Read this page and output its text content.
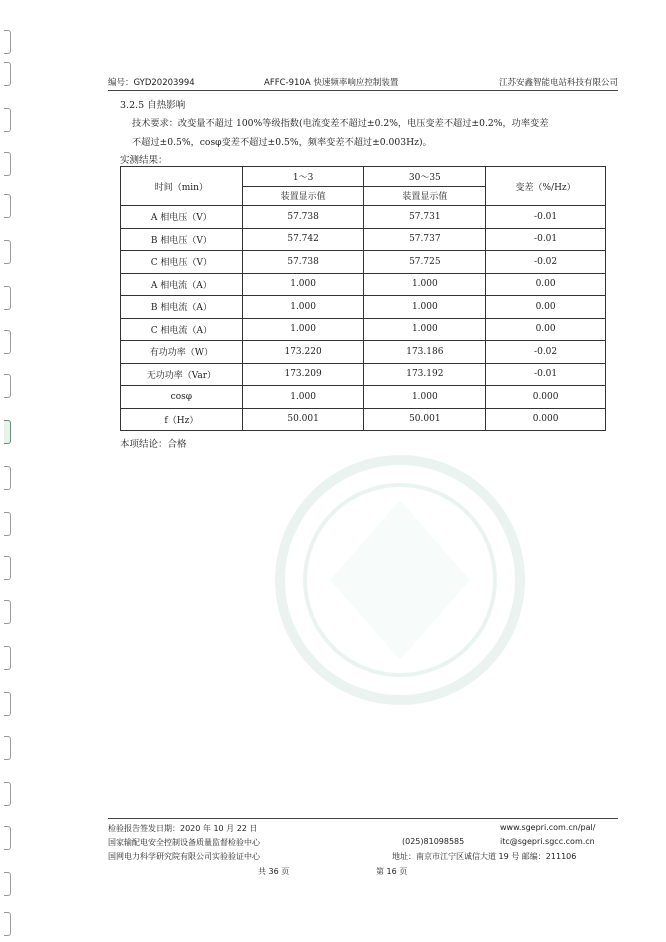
编号：GYD20203994	AFFC-910A 快速频率响应控制装置	江苏安鑫智能电站科技有限公司
3.2.5 自热影响
技术要求：改变量不超过 100%等级指数(电流变差不超过±0.2%，电压变差不超过±0.2%，功率变差
不超过±0.5%，cosφ变差不超过±0.5%，频率变差不超过±0.003Hz)。
实测结果：
时间（min）	1～3	30～35	变差（%/Hz）
	装置显示值	装置显示值	
A 相电压（V）	57.738	57.731	-0.01
B 相电压（V）	57.742	57.737	-0.01
C 相电压（V）	57.738	57.725	-0.02
A 相电流（A）	1.000	1.000	0.00
B 相电流（A）	1.000	1.000	0.00
C 相电流（A）	1.000	1.000	0.00
有功功率（W）	173.220	173.186	-0.02
无功功率（Var）	173.209	173.192	-0.01
cosφ	1.000	1.000	0.000
f（Hz）	50.001	50.001	0.000
本项结论：合格
检验报告签发日期：2020 年 10 月 22 日	www.sgepri.com.cn/pal/
国家输配电安全控制设备质量监督检验中心	(025)81098585	itc@sgepri.sgcc.com.cn
国网电力科学研究院有限公司实验验证中心	地址：南京市江宁区诚信大道 19 号 邮编：211106
共 36 页	第 16 页
